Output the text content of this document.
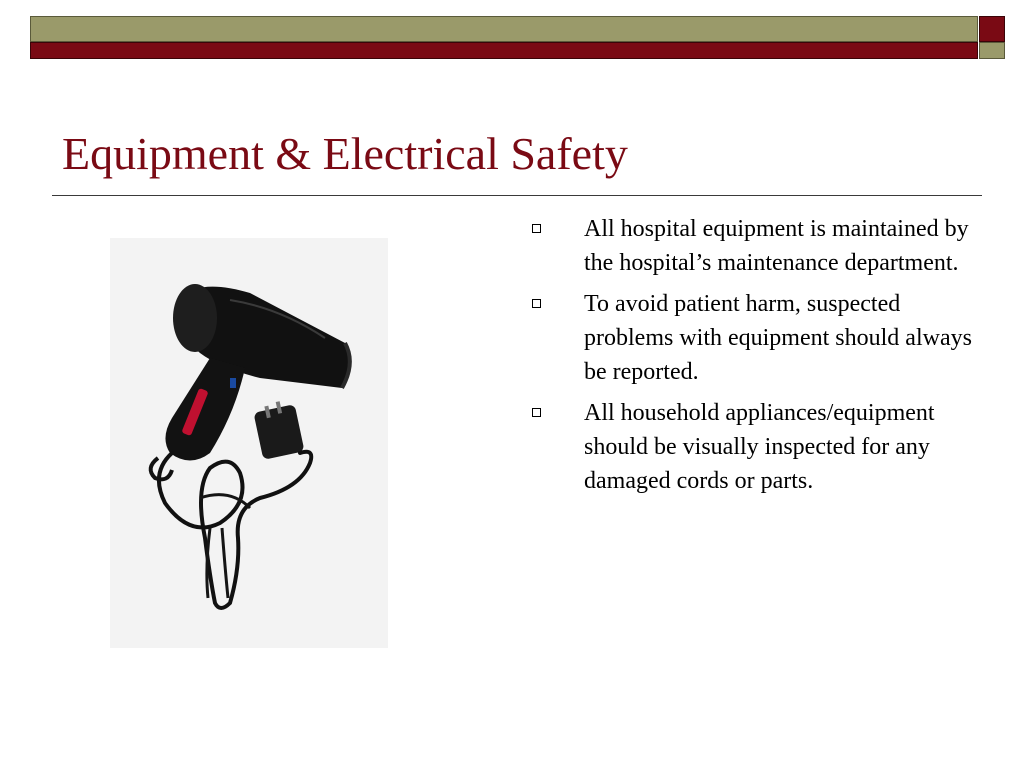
Equipment & Electrical Safety
All hospital equipment is maintained by the hospital’s maintenance department.
To avoid patient harm, suspected problems with equipment should always be reported.
All household appliances/equipment should be visually inspected for any damaged cords or parts.
